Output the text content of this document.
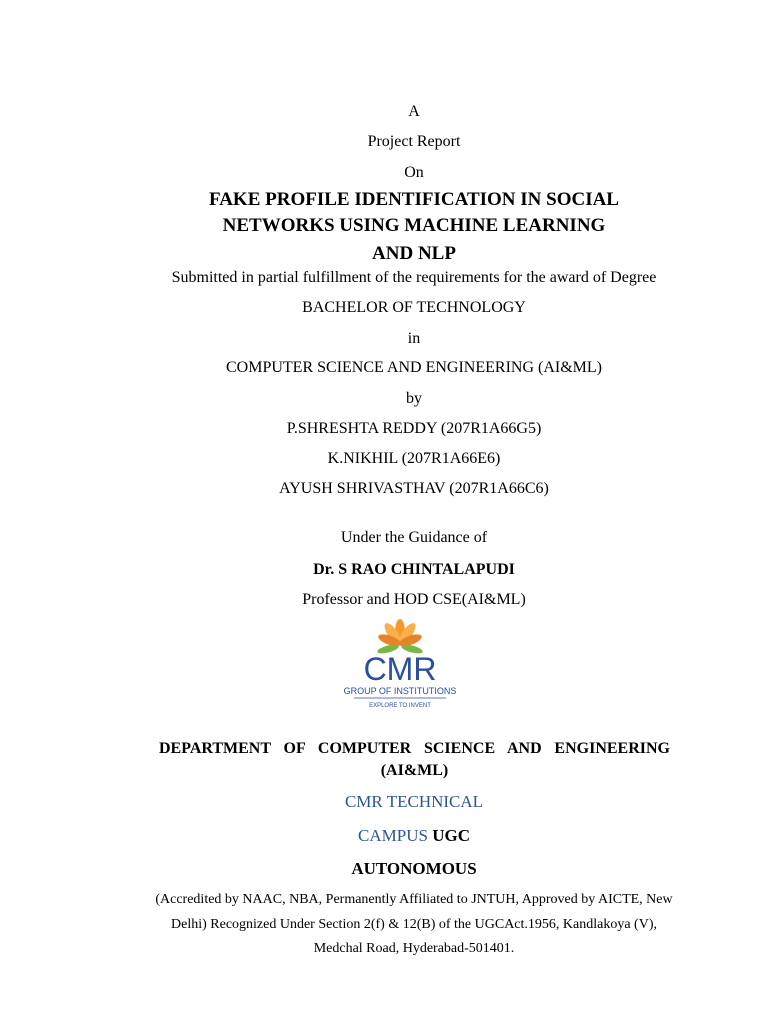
A
Project Report
On
FAKE PROFILE IDENTIFICATION IN SOCIAL
NETWORKS USING MACHINE LEARNING
AND NLP
Submitted in partial fulfillment of the requirements for the award of Degree
BACHELOR OF TECHNOLOGY
in
COMPUTER SCIENCE AND ENGINEERING (AI&ML)
by
P.SHRESHTA REDDY (207R1A66G5)
K.NIKHIL (207R1A66E6)
AYUSH SHRIVASTHAV (207R1A66C6)
Under the Guidance of
Dr. S RAO CHINTALAPUDI
Professor and HOD CSE(AI&ML)
CMR
GROUP OF INSTITUTIONS
EXPLORE TO INVENT
DEPARTMENT OF COMPUTER SCIENCE AND ENGINEERING
(AI&ML)
CMR TECHNICAL
CAMPUS UGC
AUTONOMOUS
(Accredited by NAAC, NBA, Permanently Affiliated to JNTUH, Approved by AICTE, New
Delhi) Recognized Under Section 2(f) & 12(B) of the UGCAct.1956, Kandlakoya (V),
Medchal Road, Hyderabad-501401.
